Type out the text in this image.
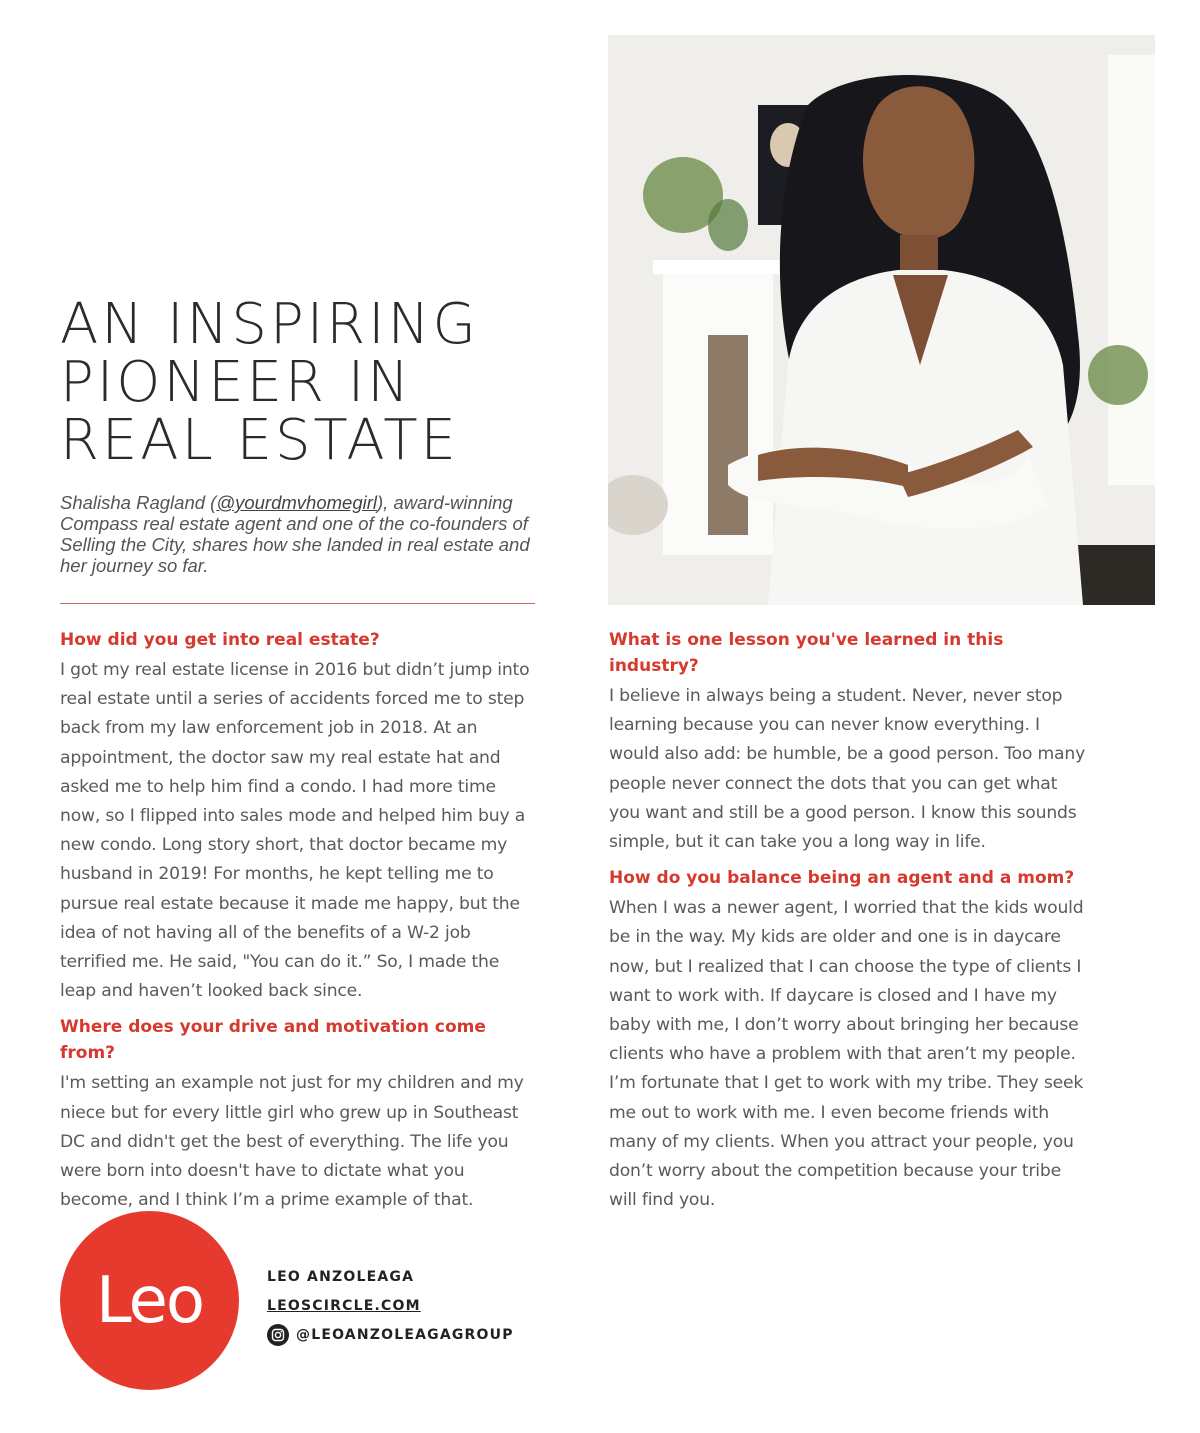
AN INSPIRING
PIONEER IN
REAL ESTATE
Shalisha Ragland (@yourdmvhomegirl), award-winning Compass real estate agent and one of the co-founders of Selling the City, shares how she landed in real estate and her journey so far.
How did you get into real estate?

I got my real estate license in 2016 but didn’t jump into real estate until a series of accidents forced me to step back from my law enforcement job in 2018. At an appointment, the doctor saw my real estate hat and asked me to help him find a condo. I had more time now, so I flipped into sales mode and helped him buy a new condo. Long story short, that doctor became my husband in 2019! For months, he kept telling me to pursue real estate because it made me happy, but the idea of not having all of the benefits of a W-2 job terrified me. He said, "You can do it.” So, I made the leap and haven’t looked back since.

Where does your drive and motivation come from?

I'm setting an example not just for my children and my niece but for every little girl who grew up in Southeast DC and didn't get the best of everything. The life you were born into doesn't have to dictate what you become, and I think I’m a prime example of that.

What is one lesson you've learned in this industry?

I believe in always being a student. Never, never stop learning because you can never know everything. I would also add: be humble, be a good person. Too many people never connect the dots that you can get what you want and still be a good person. I know this sounds simple, but it can take you a long way in life.

How do you balance being an agent and a mom?

When I was a newer agent, I worried that the kids would be in the way. My kids are older and one is in daycare now, but I realized that I can choose the type of clients I want to work with. If daycare is closed and I have my baby with me, I don’t worry about bringing her because clients who have a problem with that aren’t my people. I’m fortunate that I get to work with my tribe. They seek me out to work with me. I even become friends with many of my clients. When you attract your people, you don’t worry about the competition because your tribe will find you.

Leo	LEO ANZOLEAGA
LEOSCIRCLE.COM
@LEOANZOLEAGAGROUP
